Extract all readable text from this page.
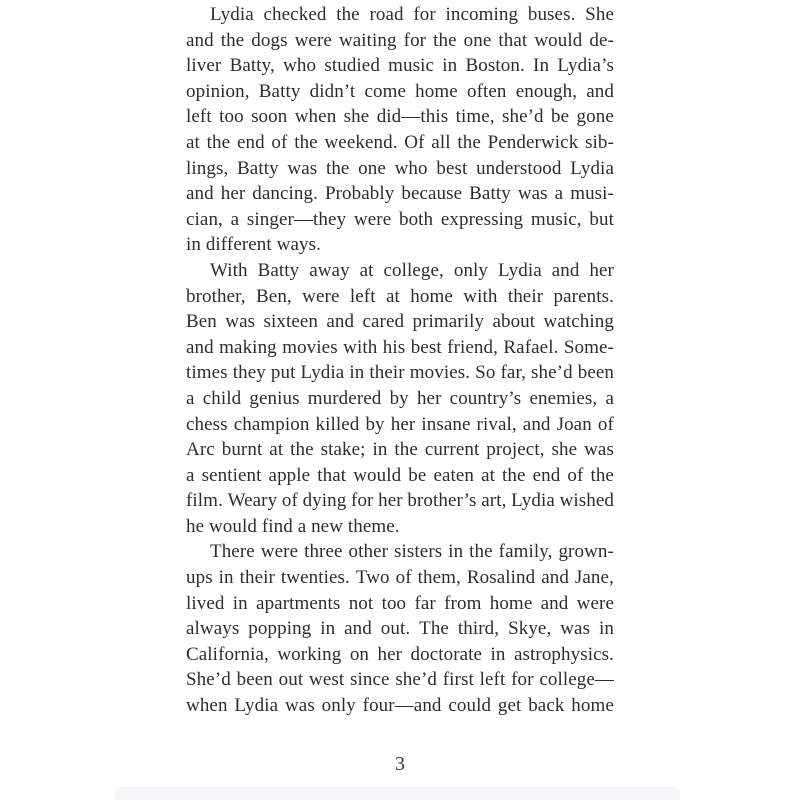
Lydia checked the road for incoming buses. She
and the dogs were waiting for the one that would de-
liver Batty, who studied music in Boston. In Lydia’s
opinion, Batty didn’t come home often enough, and
left too soon when she did—this time, she’d be gone
at the end of the weekend. Of all the Penderwick sib-
lings, Batty was the one who best understood Lydia
and her dancing. Probably because Batty was a musi-
cian, a singer—they were both expressing music, but
in different ways.
With Batty away at college, only Lydia and her
brother, Ben, were left at home with their parents.
Ben was sixteen and cared primarily about watching
and making movies with his best friend, Rafael. Some-
times they put Lydia in their movies. So far, she’d been
a child genius murdered by her country’s enemies, a
chess champion killed by her insane rival, and Joan of
Arc burnt at the stake; in the current project, she was
a sentient apple that would be eaten at the end of the
film. Weary of dying for her brother’s art, Lydia wished
he would find a new theme.
There were three other sisters in the family, grown-
ups in their twenties. Two of them, Rosalind and Jane,
lived in apartments not too far from home and were
always popping in and out. The third, Skye, was in
California, working on her doctorate in astrophysics.
She’d been out west since she’d first left for college—
when Lydia was only four—and could get back home
3
